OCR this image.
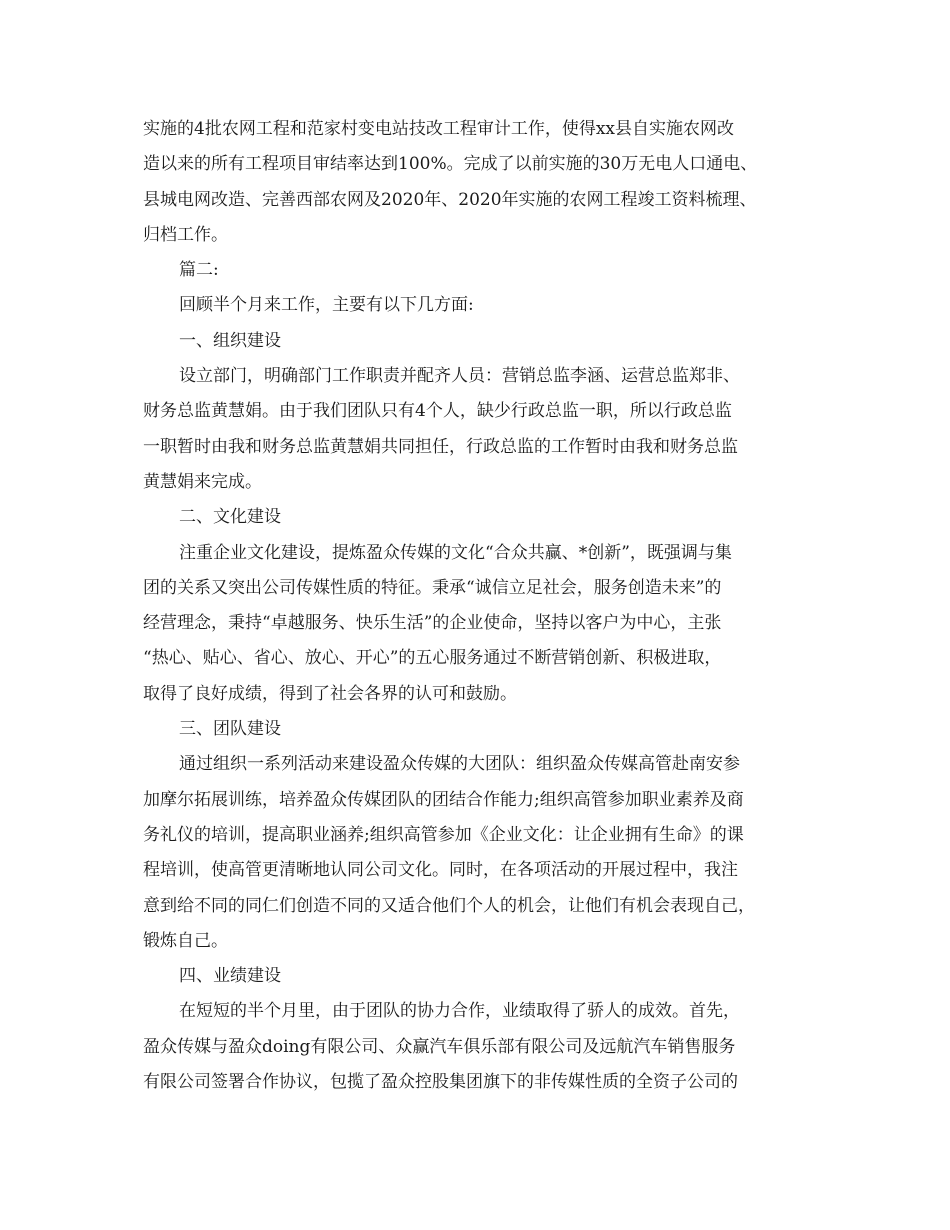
实施的4批农网工程和范家村变电站技改工程审计工作，使得xx县自实施农网改
造以来的所有工程项目审结率达到100%。完成了以前实施的30万无电人口通电、
县城电网改造、完善西部农网及2020年、2020年实施的农网工程竣工资料梳理、
归档工作。
篇二:
回顾半个月来工作，主要有以下几方面:
一、组织建设
设立部门，明确部门工作职责并配齐人员：营销总监李涵、运营总监郑非、
财务总监黄慧娟。由于我们团队只有4个人，缺少行政总监一职，所以行政总监
一职暂时由我和财务总监黄慧娟共同担任，行政总监的工作暂时由我和财务总监
黄慧娟来完成。
二、文化建设
注重企业文化建设，提炼盈众传媒的文化“合众共赢、*创新”，既强调与集
团的关系又突出公司传媒性质的特征。秉承“诚信立足社会，服务创造未来”的
经营理念，秉持“卓越服务、快乐生活”的企业使命，坚持以客户为中心，主张
“热心、贴心、省心、放心、开心”的五心服务通过不断营销创新、积极进取，
取得了良好成绩，得到了社会各界的认可和鼓励。
三、团队建设
通过组织一系列活动来建设盈众传媒的大团队：组织盈众传媒高管赴南安参
加摩尔拓展训练，培养盈众传媒团队的团结合作能力;组织高管参加职业素养及商
务礼仪的培训，提高职业涵养;组织高管参加《企业文化：让企业拥有生命》的课
程培训，使高管更清晰地认同公司文化。同时，在各项活动的开展过程中，我注
意到给不同的同仁们创造不同的又适合他们个人的机会，让他们有机会表现自己，
锻炼自己。
四、业绩建设
在短短的半个月里，由于团队的协力合作，业绩取得了骄人的成效。首先，
盈众传媒与盈众doing有限公司、众赢汽车俱乐部有限公司及远航汽车销售服务
有限公司签署合作协议，包揽了盈众控股集团旗下的非传媒性质的全资子公司的
